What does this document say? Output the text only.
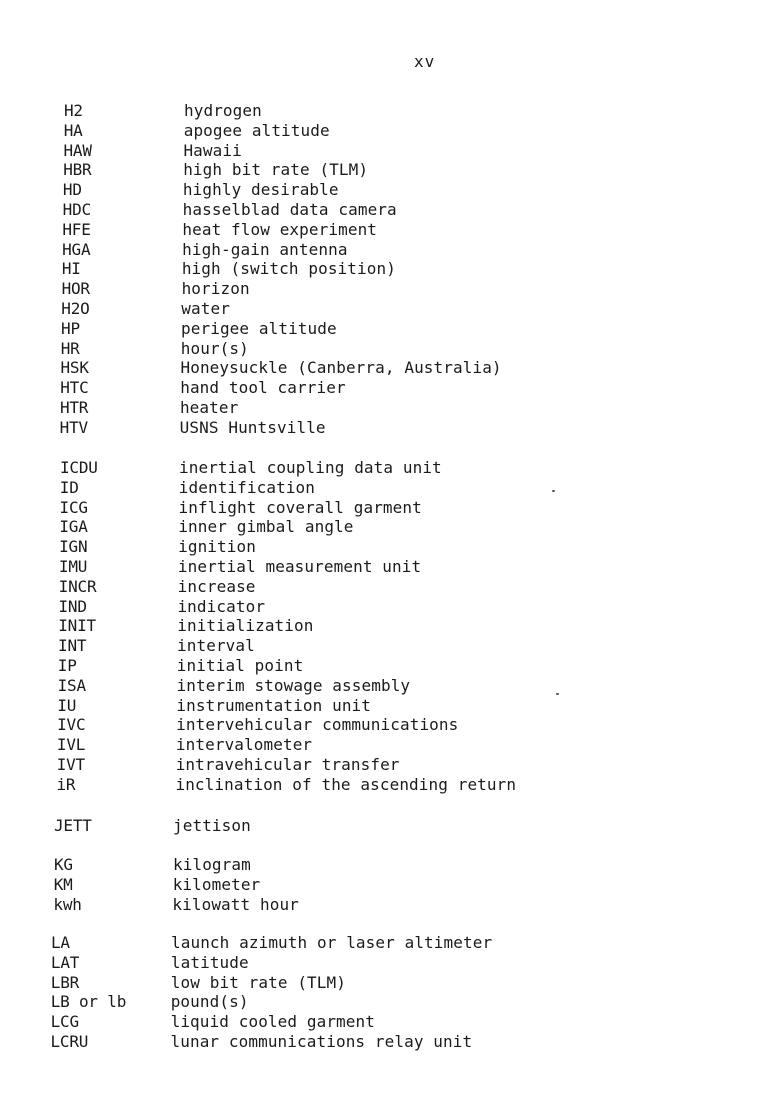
xv
H2	hydrogen
HA	apogee altitude
HAW	Hawaii
HBR	high bit rate (TLM)
HD	highly desirable
HDC	hasselblad data camera
HFE	heat flow experiment
HGA	high-gain antenna
HI	high (switch position)
HOR	horizon
H2O	water
HP	perigee altitude
HR	hour(s)
HSK	Honeysuckle (Canberra, Australia)
HTC	hand tool carrier
HTR	heater
HTV	USNS Huntsville
ICDU	inertial coupling data unit
ID	identification
ICG	inflight coverall garment
IGA	inner gimbal angle
IGN	ignition
IMU	inertial measurement unit
INCR	increase
IND	indicator
INIT	initialization
INT	interval
IP	initial point
ISA	interim stowage assembly
IU	instrumentation unit
IVC	intervehicular communications
IVL	intervalometer
IVT	intravehicular transfer
iR	inclination of the ascending return
JETT	jettison
KG	kilogram
KM	kilometer
kwh	kilowatt hour
LA	launch azimuth or laser altimeter
LAT	latitude
LBR	low bit rate (TLM)
LB or lb	pound(s)
LCG	liquid cooled garment
LCRU	lunar communications relay unit
